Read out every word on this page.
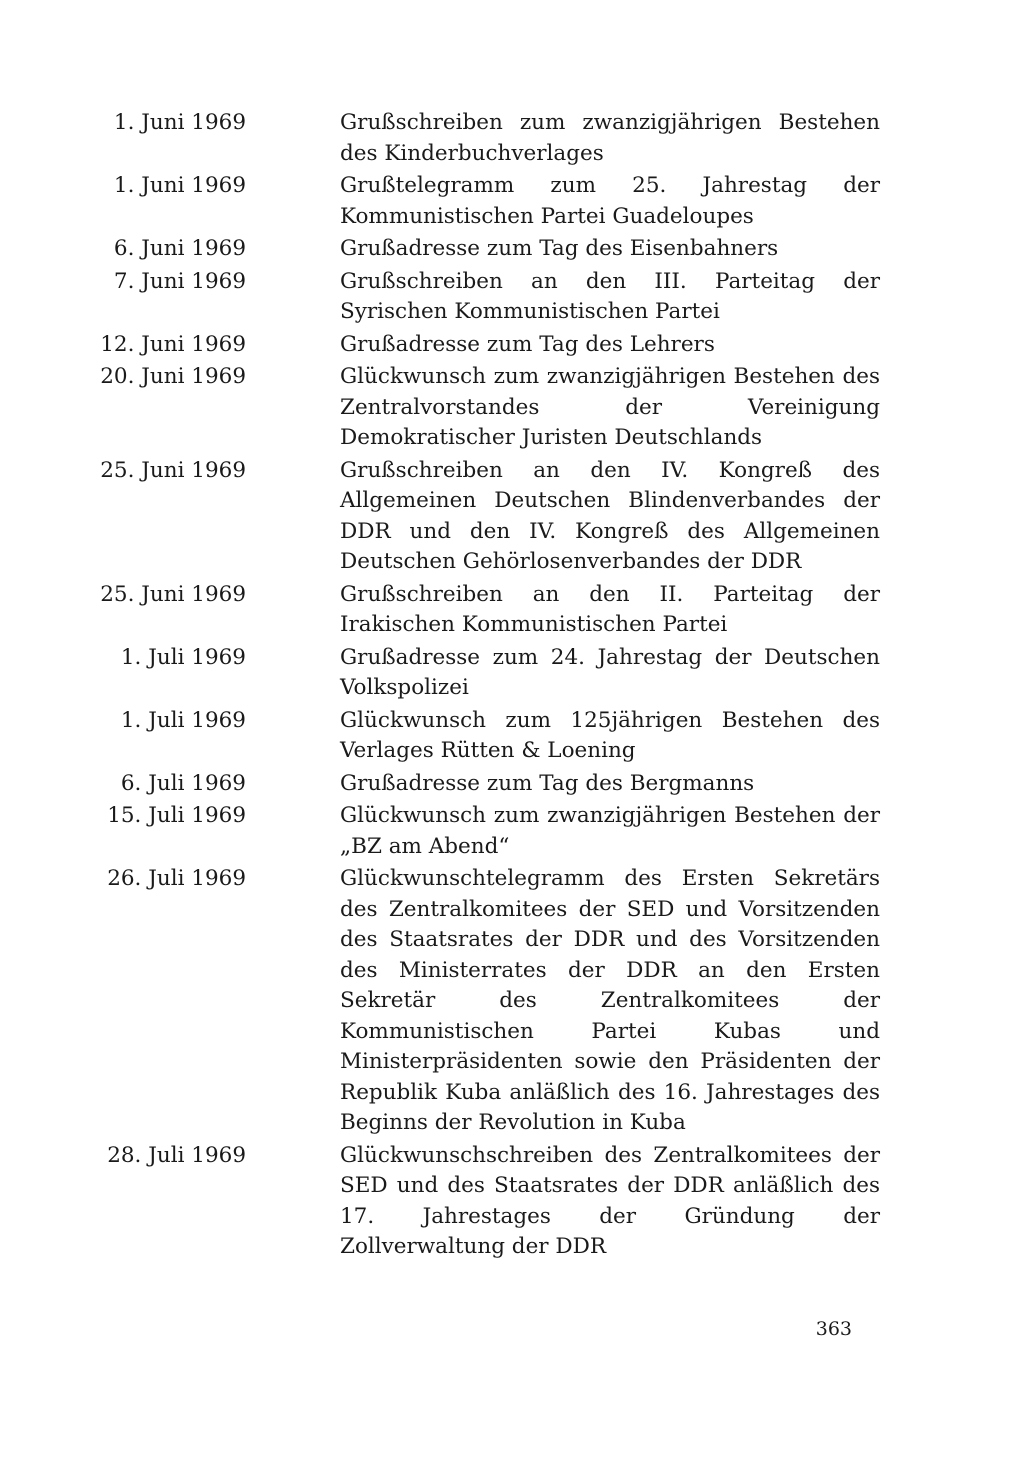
1. Juni 1969	Grußschreiben zum zwanzigjährigen Bestehen des Kinderbuchverlages
1. Juni 1969	Grußtelegramm zum 25. Jahrestag der Kommunistischen Partei Guadeloupes
6. Juni 1969	Grußadresse zum Tag des Eisenbahners
7. Juni 1969	Grußschreiben an den III. Parteitag der Syrischen Kommunistischen Partei
12. Juni 1969	Grußadresse zum Tag des Lehrers
20. Juni 1969	Glückwunsch zum zwanzigjährigen Bestehen des Zentralvorstandes der Vereinigung Demokratischer Juristen Deutschlands
25. Juni 1969	Grußschreiben an den IV. Kongreß des Allgemeinen Deutschen Blindenverbandes der DDR und den IV. Kongreß des Allgemeinen Deutschen Gehörlosenverbandes der DDR
25. Juni 1969	Grußschreiben an den II. Parteitag der Irakischen Kommunistischen Partei
1. Juli 1969	Grußadresse zum 24. Jahrestag der Deutschen Volkspolizei
1. Juli 1969	Glückwunsch zum 125jährigen Bestehen des Verlages Rütten & Loening
6. Juli 1969	Grußadresse zum Tag des Bergmanns
15. Juli 1969	Glückwunsch zum zwanzigjährigen Bestehen der „BZ am Abend“
26. Juli 1969	Glückwunschtelegramm des Ersten Sekretärs des Zentralkomitees der SED und Vorsitzenden des Staatsrates der DDR und des Vorsitzenden des Ministerrates der DDR an den Ersten Sekretär des Zentralkomitees der Kommunistischen Partei Kubas und Ministerpräsidenten sowie den Präsidenten der Republik Kuba anläßlich des 16. Jahrestages des Beginns der Revolution in Kuba
28. Juli 1969	Glückwunschschreiben des Zentralkomitees der SED und des Staatsrates der DDR anläßlich des 17. Jahrestages der Gründung der Zollverwaltung der DDR
363
